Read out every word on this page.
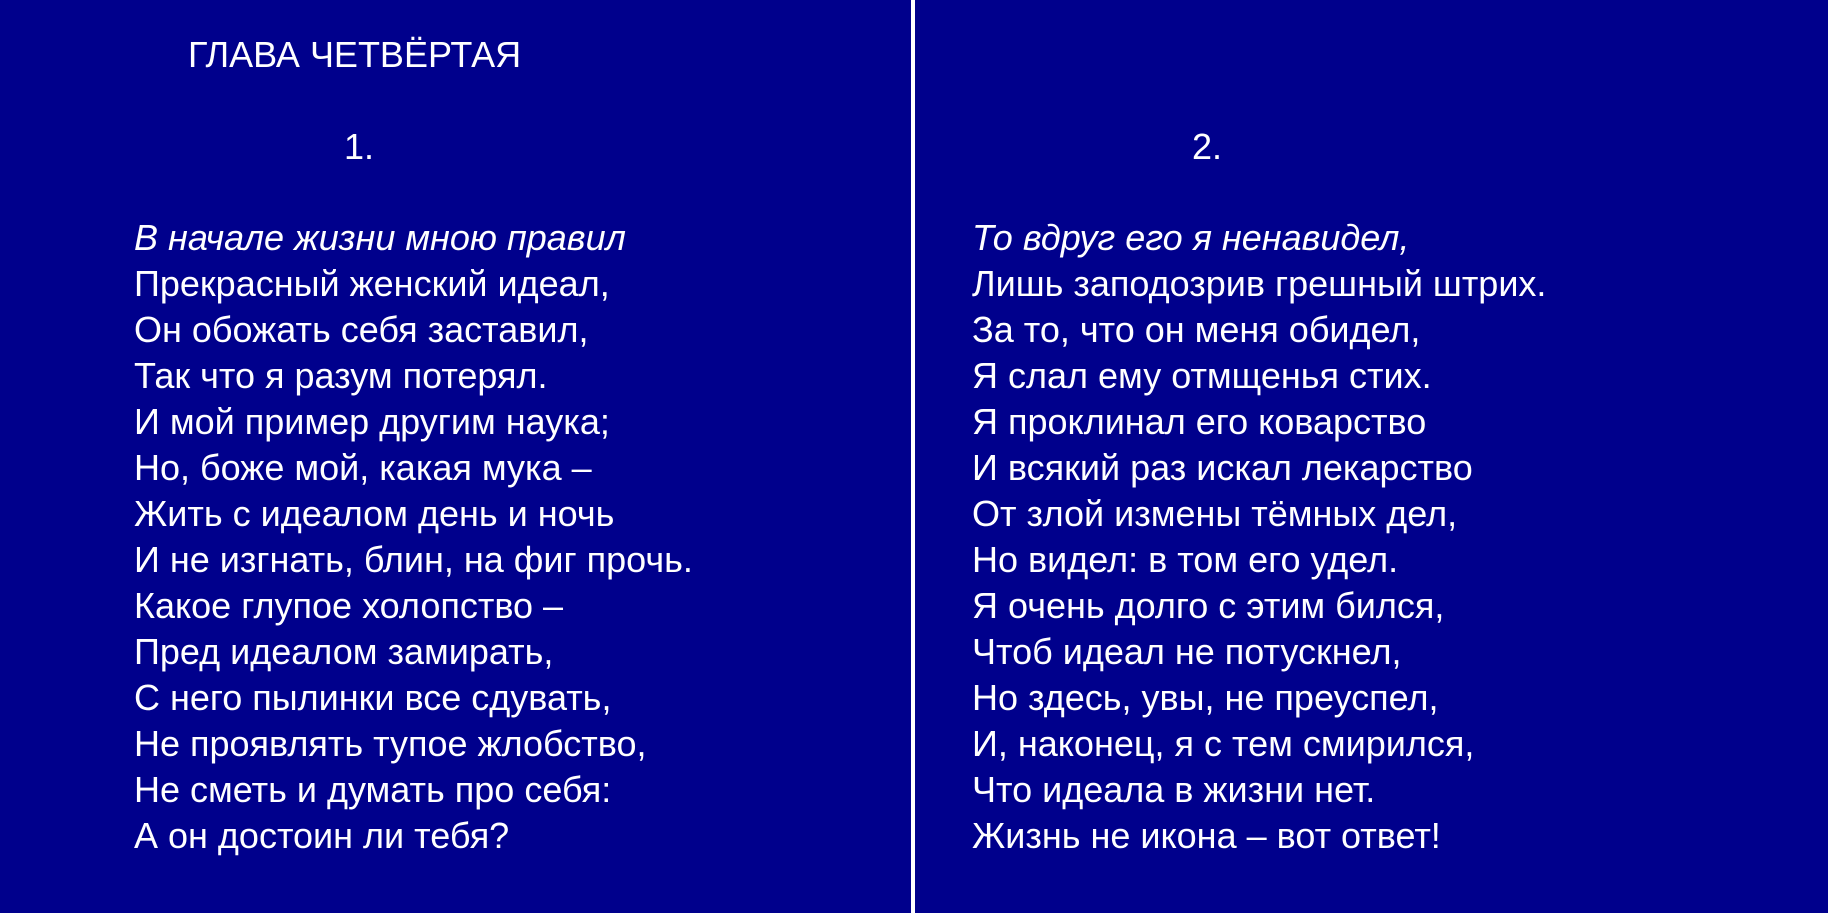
ГЛАВА ЧЕТВЁРТАЯ
1.
В начале жизни мною правил
Прекрасный женский идеал,
Он обожать себя заставил,
Так что я разум потерял.
И мой пример другим наука;
Но, боже мой, какая мука –
Жить с идеалом день и ночь
И не изгнать, блин, на фиг прочь.
Какое глупое холопство –
Пред идеалом замирать,
С него пылинки все сдувать,
Не проявлять тупое жлобство,
Не сметь и думать про себя:
А он достоин ли тебя?
2.
То вдруг его я ненавидел,
Лишь заподозрив грешный штрих.
За то, что он меня обидел,
Я слал ему отмщенья стих.
Я проклинал его коварство
И всякий раз искал лекарство
От злой измены тёмных дел,
Но видел: в том его удел.
Я очень долго с этим бился,
Чтоб идеал не потускнел,
Но здесь, увы, не преуспел,
И, наконец, я с тем смирился,
Что идеала в жизни нет.
Жизнь не икона – вот ответ!
